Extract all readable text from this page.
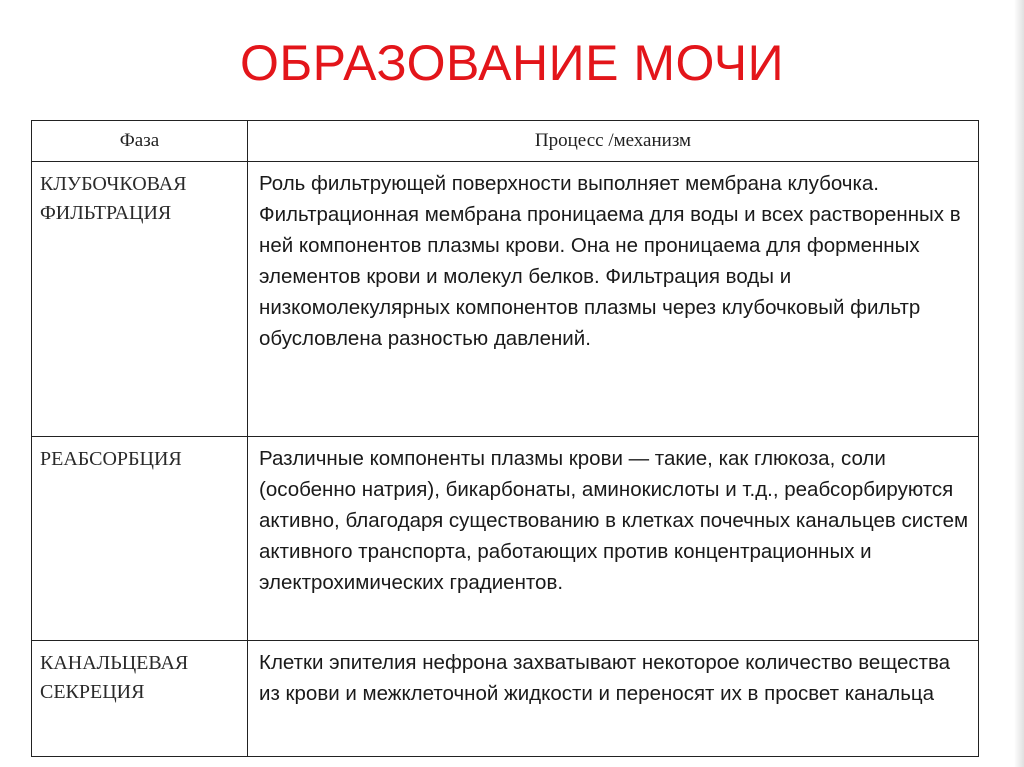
ОБРАЗОВАНИЕ МОЧИ
Фаза	Процесс /механизм
КЛУБОЧКОВАЯ ФИЛЬТРАЦИЯ	Роль фильтрующей поверхности выполняет мембрана клубочка.
Фильтрационная мембрана проницаема для воды и всех растворенных в ней компонентов плазмы крови. Она не проницаема для форменных элементов крови и молекул белков. Фильтрация воды и низкомолекулярных компонентов плазмы через клубочковый фильтр обусловлена разностью давлений.

РЕАБСОРБЦИЯ	Различные компоненты плазмы крови — такие, как глюкоза, соли (особенно натрия), бикарбонаты, аминокислоты и т.д., реабсорбируются активно, благодаря существованию в клетках почечных канальцев систем активного транспорта, работающих против концентрационных и электрохимических градиентов.

КАНАЛЬЦЕВАЯ СЕКРЕЦИЯ	Клетки эпителия нефрона захватывают некоторое количество вещества из крови и межклеточной жидкости и переносят их в просвет канальца
